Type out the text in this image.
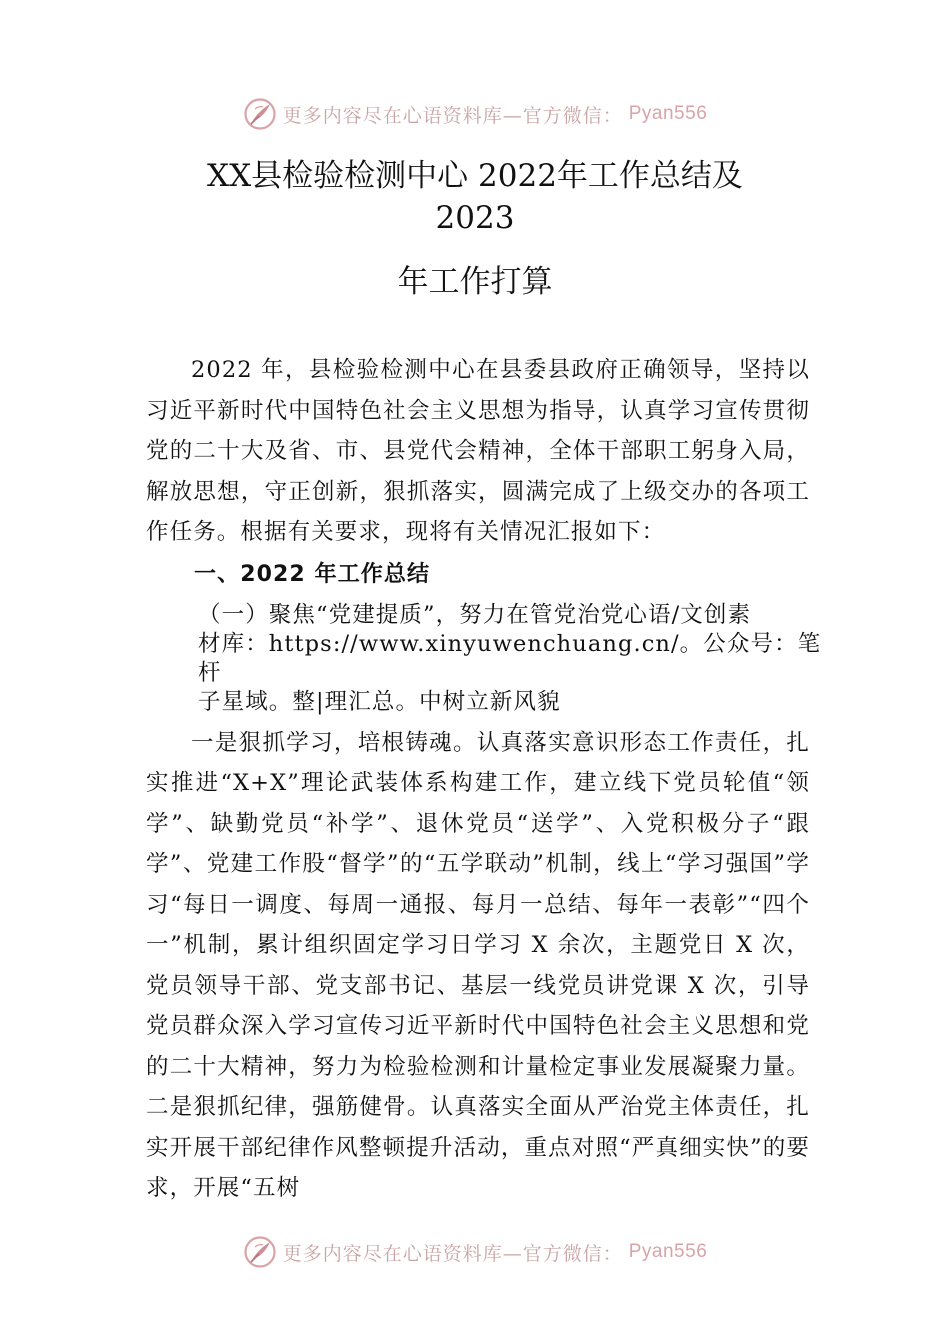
更多内容尽在心语资料库—官方微信： Pyan556
XX县检验检测中心 2022年工作总结及
2023
年工作打算

2022 年，县检验检测中心在县委县政府正确领导，坚持以习近平新时代中国特色社会主义思想为指导，认真学习宣传贯彻党的二十大及省、市、县党代会精神，全体干部职工躬身入局，解放思想，守正创新，狠抓落实，圆满完成了上级交办的各项工作任务。根据有关要求，现将有关情况汇报如下：

一、2022 年工作总结

（一）聚焦“党建提质”，努力在管党治党心语/文创素
材库：https://www.xinyuwenchuang.cn/。公众号：笔杆
子星域。整|理汇总。中树立新风貌

一是狠抓学习，培根铸魂。认真落实意识形态工作责任，扎实推进“X+X”理论武装体系构建工作，建立线下党员轮值“领学”、缺勤党员“补学”、退休党员“送学”、入党积极分子“跟学”、党建工作股“督学”的“五学联动”机制，线上“学习强国”学习“每日一调度、每周一通报、每月一总结、每年一表彰”“四个一”机制，累计组织固定学习日学习 X 余次，主题党日 X 次，党员领导干部、党支部书记、基层一线党员讲党课 X 次，引导党员群众深入学习宣传习近平新时代中国特色社会主义思想和党的二十大精神，努力为检验检测和计量检定事业发展凝聚力量。二是狠抓纪律，强筋健骨。认真落实全面从严治党主体责任，扎实开展干部纪律作风整顿提升活动，重点对照“严真细实快”的要求，开展“五树

更多内容尽在心语资料库—官方微信： Pyan556
